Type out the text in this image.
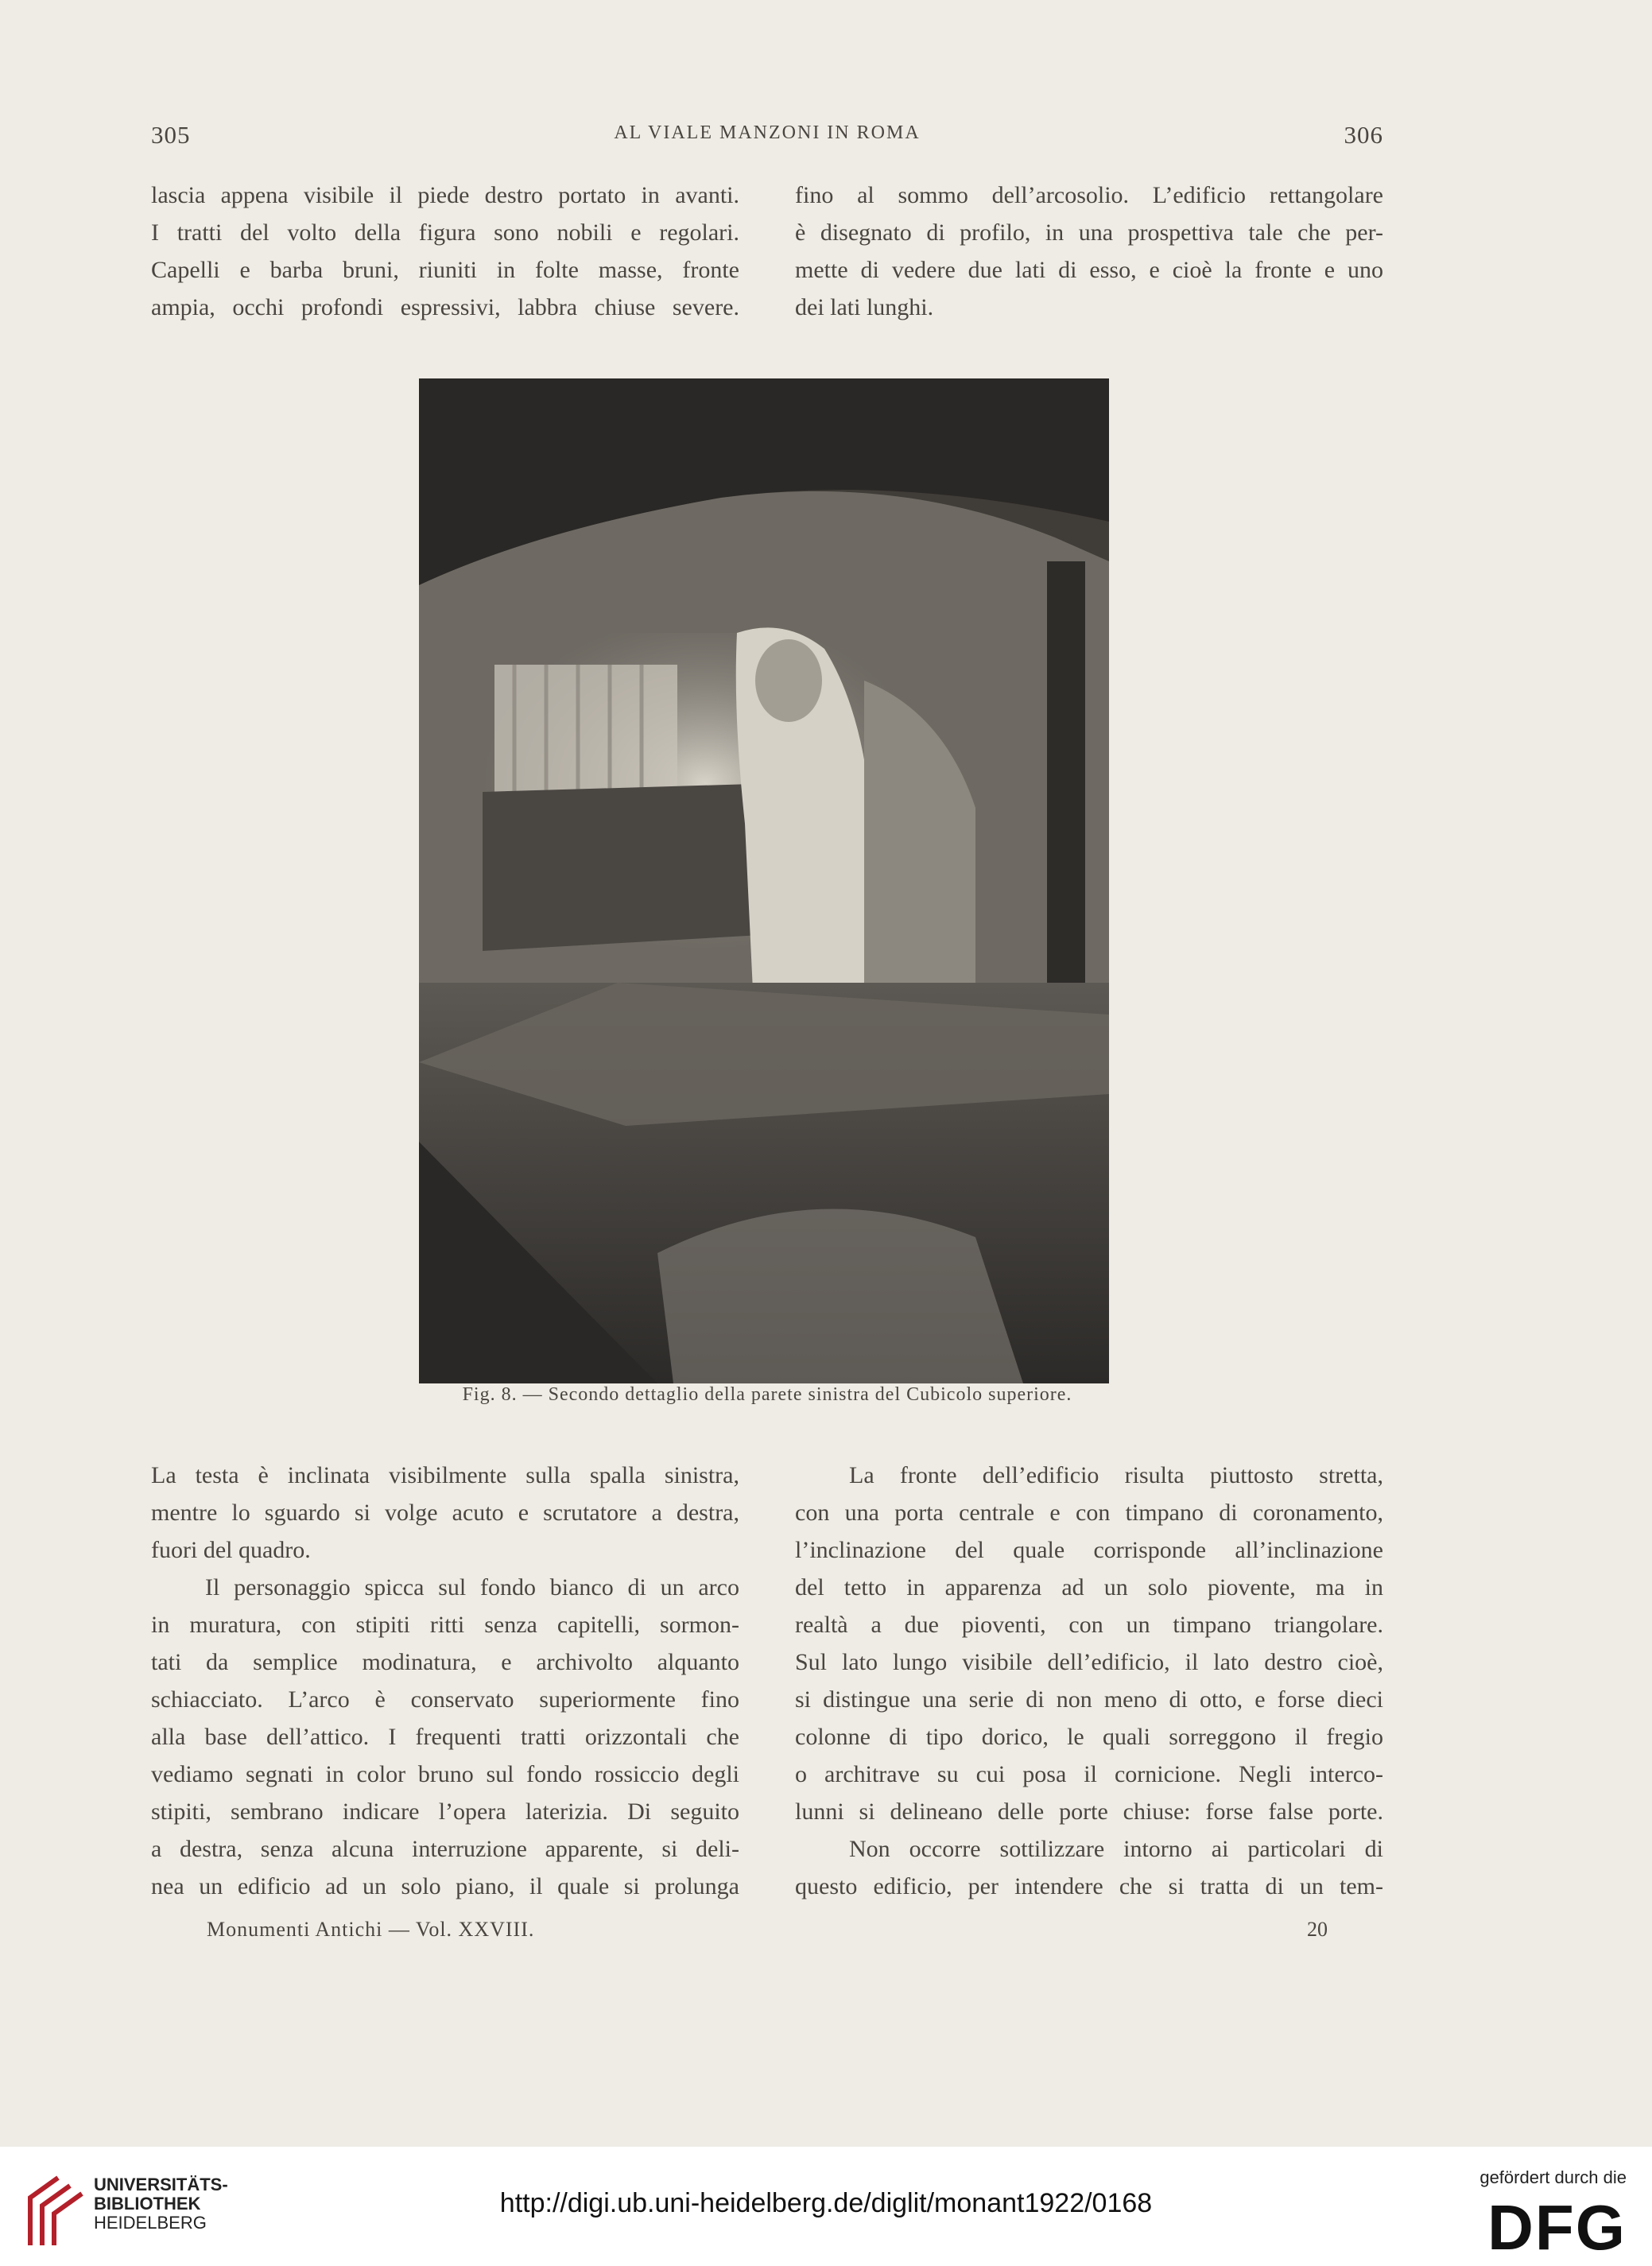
305	AL VIALE MANZONI IN ROMA	306

lascia appena visibile il piede destro portato in avanti.

I tratti del volto della figura sono nobili e regolari.

Capelli e barba bruni, riuniti in folte masse, fronte

ampia, occhi profondi espressivi, labbra chiuse severe.

fino al sommo dell’arcosolio. L’edificio rettangolare

è disegnato di profilo, in una prospettiva tale che per-

mette di vedere due lati di esso, e cioè la fronte e uno

dei lati lunghi.

Fig. 8. — Secondo dettaglio della parete sinistra del Cubicolo superiore.

La testa è inclinata visibilmente sulla spalla sinistra,

mentre lo sguardo si volge acuto e scrutatore a destra,

fuori del quadro.

Il personaggio spicca sul fondo bianco di un arco

in muratura, con stipiti ritti senza capitelli, sormon-

tati da semplice modinatura, e archivolto alquanto

schiacciato. L’arco è conservato superiormente fino

alla base dell’attico. I frequenti tratti orizzontali che

vediamo segnati in color bruno sul fondo rossiccio degli

stipiti, sembrano indicare l’opera laterizia. Di seguito

a destra, senza alcuna interruzione apparente, si deli-

nea un edificio ad un solo piano, il quale si prolunga

La fronte dell’edificio risulta piuttosto stretta,

con una porta centrale e con timpano di coronamento,

l’inclinazione del quale corrisponde all’inclinazione

del tetto in apparenza ad un solo piovente, ma in

realtà a due pioventi, con un timpano triangolare.

Sul lato lungo visibile dell’edificio, il lato destro cioè,

si distingue una serie di non meno di otto, e forse dieci

colonne di tipo dorico, le quali sorreggono il fregio

o architrave su cui posa il cornicione. Negli interco-

lunni si delineano delle porte chiuse: forse false porte.

Non occorre sottilizzare intorno ai particolari di

questo edificio, per intendere che si tratta di un tem-

Monumenti Antichi — Vol. XXVIII.	20
UNIVERSITÄTS-
BIBLIOTHEK
HEIDELBERG
http://digi.ub.uni-heidelberg.de/diglit/monant1922/0168
gefördert durch die
DFG
